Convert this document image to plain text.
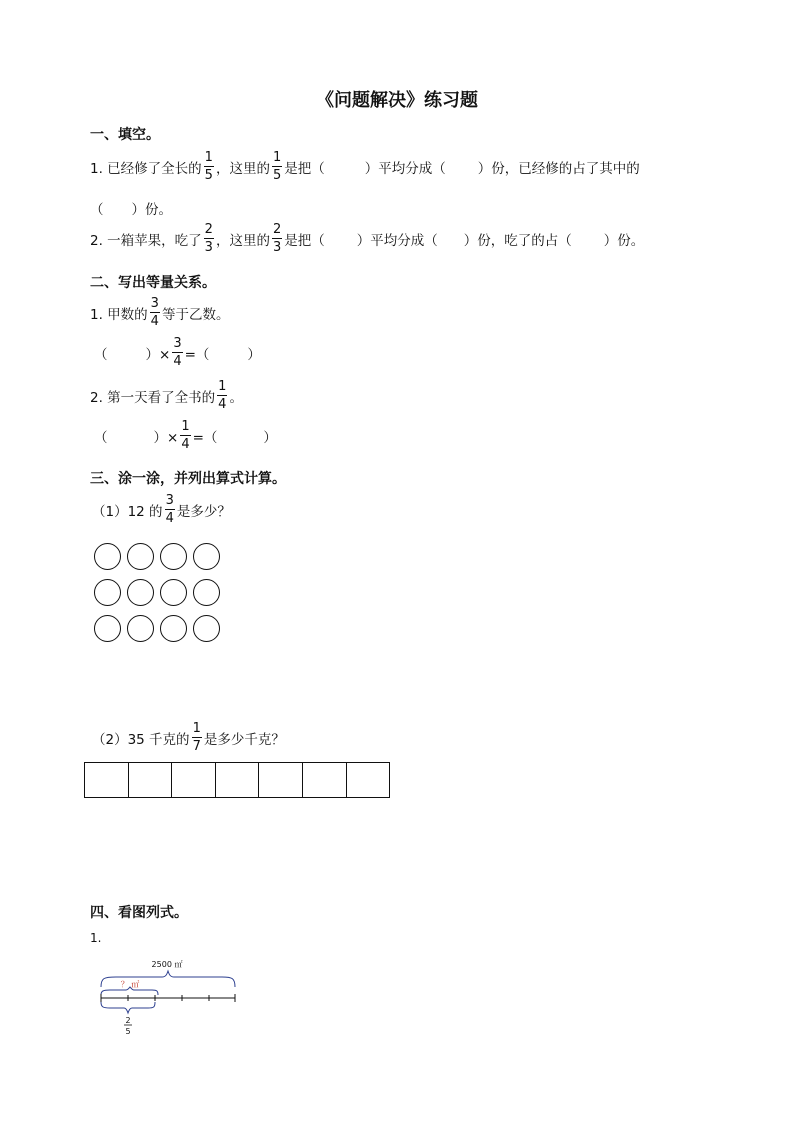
《问题解决》练习题
一、填空。
1. 已经修了全长的 $\frac{1}{5}$ ，这里的 $\frac{1}{5}$ 是把（	）平均分成（ ）份，已经修的占了其中的
（ ）份。
2. 一箱苹果，吃了 $\frac{2}{3}$ ，这里的 $\frac{2}{3}$ 是把（ ）平均分成（ ）份，吃了的占（ ）份。
二、写出等量关系。
1. 甲数的 $\frac{3}{4}$ 等于乙数。
（	）× $\frac{3}{4}$ =（	）
2. 第一天看了全书的 $\frac{1}{4}$ 。
（	）× $\frac{1}{4}$ =（	）
三、涂一涂，并列出算式计算。
（1）12 的 $\frac{3}{4}$ 是多少？
（2）35 千克的 $\frac{1}{7}$ 是多少千克？
四、看图列式。
1.
2500 ㎡
？ ㎡
2
5
